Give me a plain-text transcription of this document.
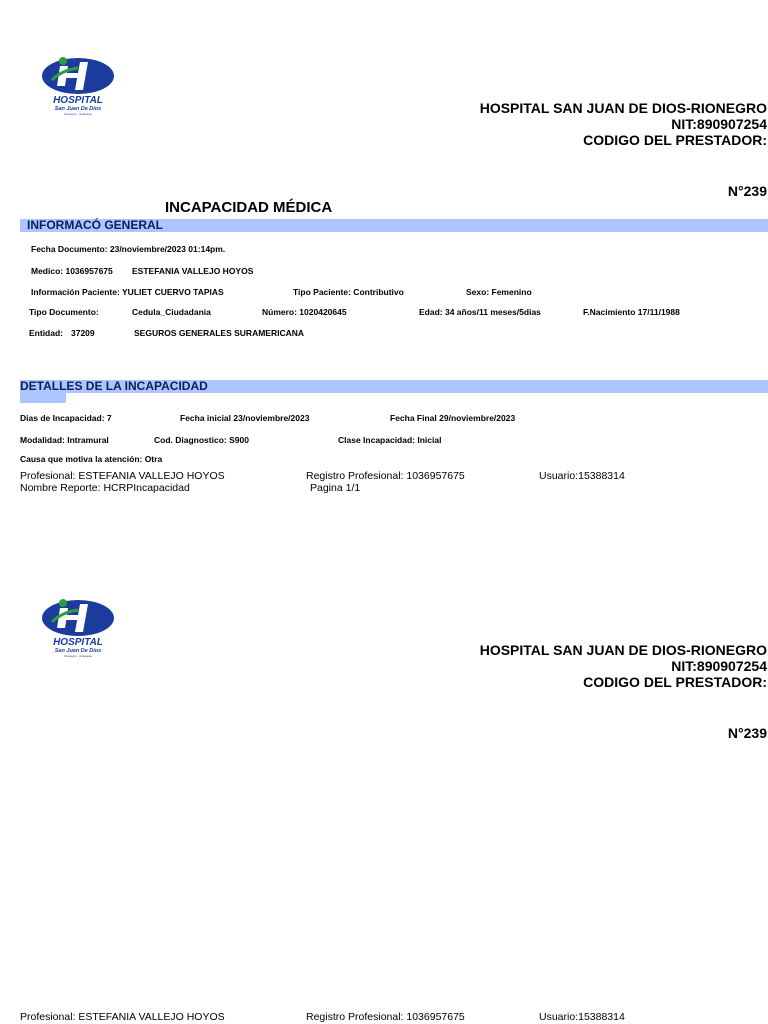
HOSPITAL
San Juan De Dios
Rionegro · Antioquia	HOSPITAL SAN JUAN DE DIOS-RIONEGRO
NIT:890907254
CODIGO DEL PRESTADOR:
N°239
INCAPACIDAD MÉDICA
INFORMACÓ GENERAL
Fecha Documento: 23/noviembre/2023 01:14pm.
Medico: 1036957675 ESTEFANIA VALLEJO HOYOS
Información Paciente: YULIET CUERVO TAPIAS	Tipo Paciente: Contributivo	Sexo: Femenino
Tipo Documento:	Cedula_Ciudadania	Número: 1020420645	Edad: 34 años/11 meses/5dias	F.Nacimiento 17/11/1988
Entidad: 37209	SEGUROS GENERALES SURAMERICANA
DETALLES DE LA INCAPACIDAD
Dias de Incapacidad: 7	Fecha inicial 23/noviembre/2023	Fecha Final 29/noviembre/2023
Modalidad: Intramural	Cod. Diagnostico: S900	Clase Incapacidad: Inicial
Causa que motiva la atención: Otra
Profesional: ESTEFANIA VALLEJO HOYOS	Registro Profesional: 1036957675	Usuario:15388314
Nombre Reporte: HCRPIncapacidad	Pagina 1/1
HOSPITAL
San Juan De Dios
Rionegro · Antioquia	HOSPITAL SAN JUAN DE DIOS-RIONEGRO
NIT:890907254
CODIGO DEL PRESTADOR:
N°239
Profesional: ESTEFANIA VALLEJO HOYOS	Registro Profesional: 1036957675	Usuario:15388314
